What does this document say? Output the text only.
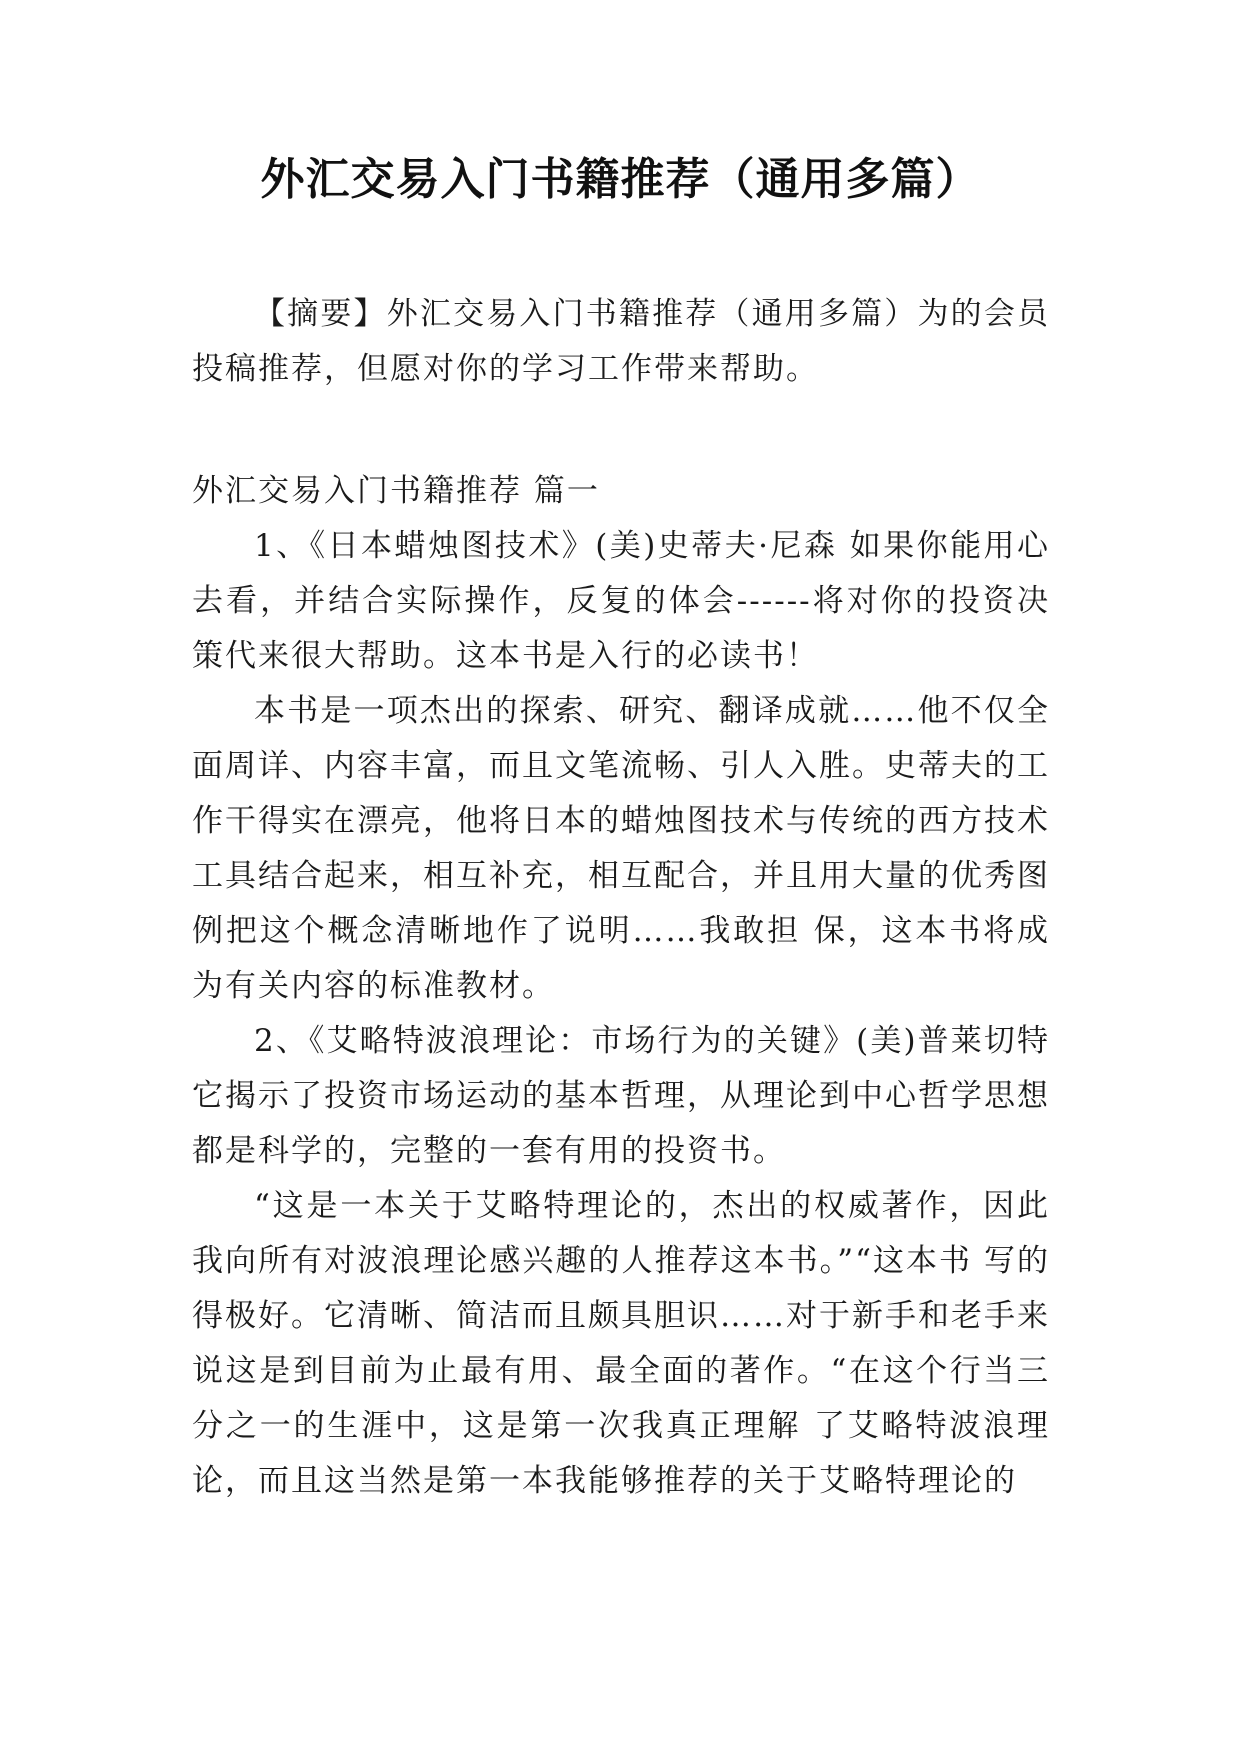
外汇交易入门书籍推荐（通用多篇）

【摘要】外汇交易入门书籍推荐（通用多篇）为的会员投稿推荐，但愿对你的学习工作带来帮助。

外汇交易入门书籍推荐 篇一

1、《日本蜡烛图技术》(美)史蒂夫·尼森 如果你能用心去看，并结合实际操作，反复的体会------将对你的投资决策代来很大帮助。这本书是入行的必读书！

本书是一项杰出的探索、研究、翻译成就……他不仅全面周详、内容丰富，而且文笔流畅、引人入胜。史蒂夫的工作干得实在漂亮，他将日本的蜡烛图技术与传统的西方技术工具结合起来，相互补充，相互配合，并且用大量的优秀图例把这个概念清晰地作了说明……我敢担 保，这本书将成为有关内容的标准教材。

2、《艾略特波浪理论：市场行为的关键》(美)普莱切特 它揭示了投资市场运动的基本哲理，从理论到中心哲学思想都是科学的，完整的一套有用的投资书。

“这是一本关于艾略特理论的，杰出的权威著作，因此我向所有对波浪理论感兴趣的人推荐这本书。”“这本书 写的得极好。它清晰、简洁而且颇具胆识……对于新手和老手来说这是到目前为止最有用、最全面的著作。“在这个行当三分之一的生涯中，这是第一次我真正理解 了艾略特波浪理论，而且这当然是第一本我能够推荐的关于艾略特理论的
